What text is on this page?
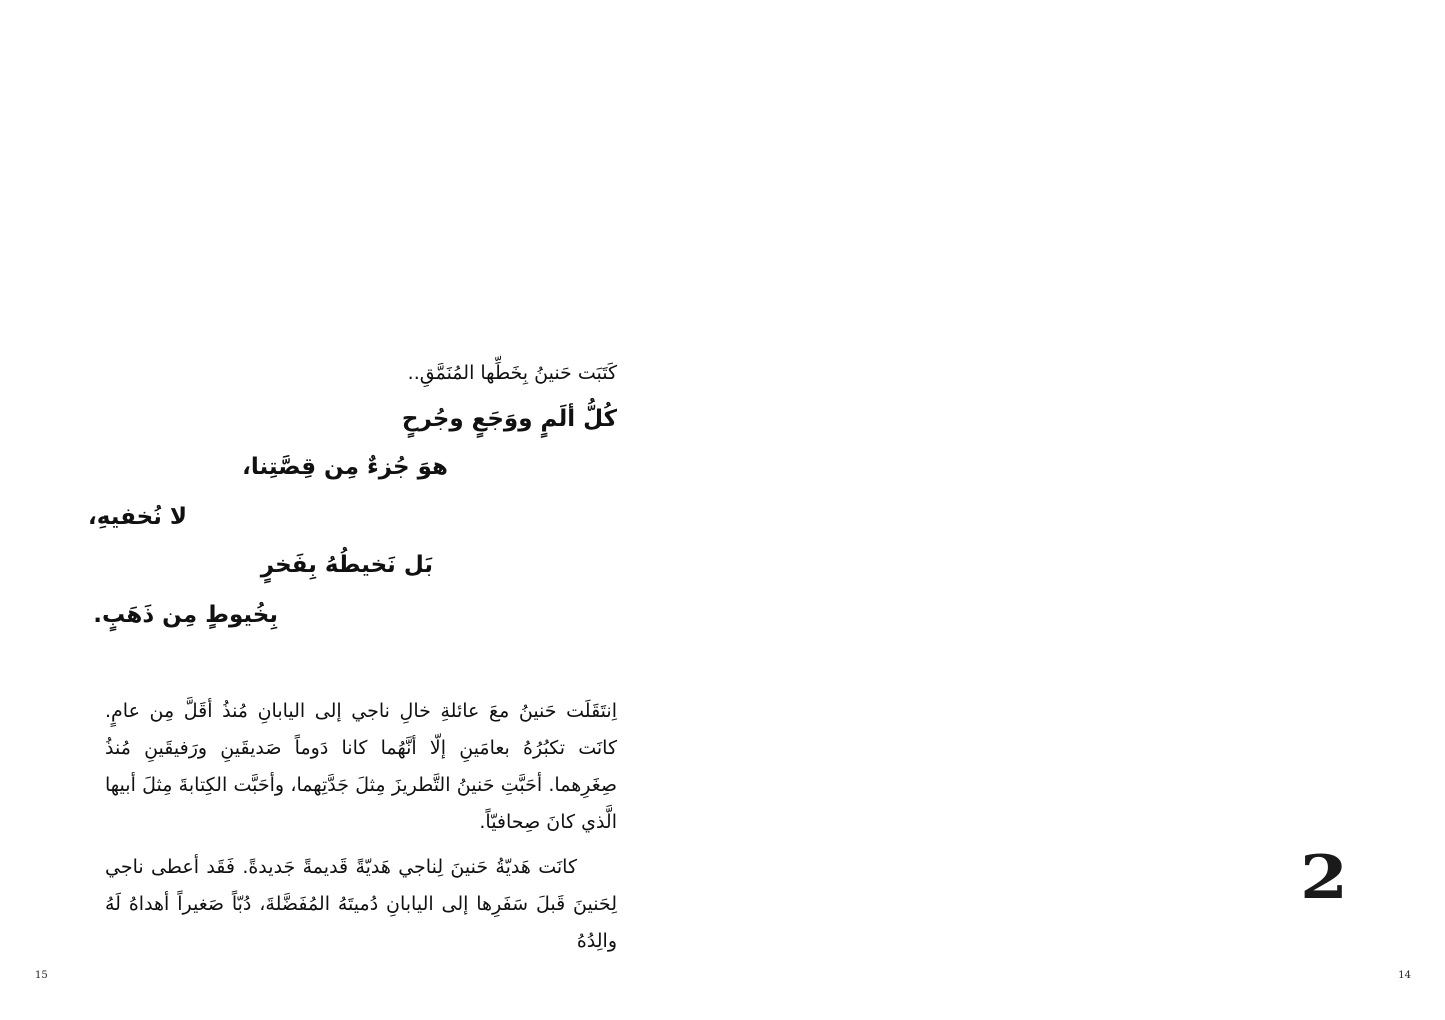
كَتَبَت حَنينُ بِخَطِّها المُنَمَّقِ..
كُلُّ ألَمٍ ووَجَعٍ وجُرحٍ
هوَ جُزءٌ مِن قِصَّتِنا،
لا نُخفيهِ،
بَل نَخيطُهُ بِفَخرٍ
بِخُيوطٍ مِن ذَهَبٍ.

اِنتَقَلَت حَنينُ معَ عائلةِ خالِ ناجي إلى اليابانِ مُنذُ أقَلَّ مِن عامٍ. كانَت تكبُرُهُ بعامَينِ إلّا أنَّهُما كانا دَوماً صَديقَينِ ورَفيقَينِ مُنذُ صِغَرِهما. أحَبَّتِ حَنينُ التَّطريزَ مِثلَ جَدَّتِهما، وأحَبَّت الكِتابةَ مِثلَ أبيها الَّذي كانَ صِحافيّاً.

كانَت هَديّةُ حَنينَ لِناجي هَديّةً قَديمةً جَديدةً. فَقَد أعطى ناجي لِحَنينَ قَبلَ سَفَرِها إلى اليابانِ دُميتَهُ المُفَضَّلةَ، دُبّاً صَغيراً أهداهُ لَهُ والِدُهُ

15
2
14
